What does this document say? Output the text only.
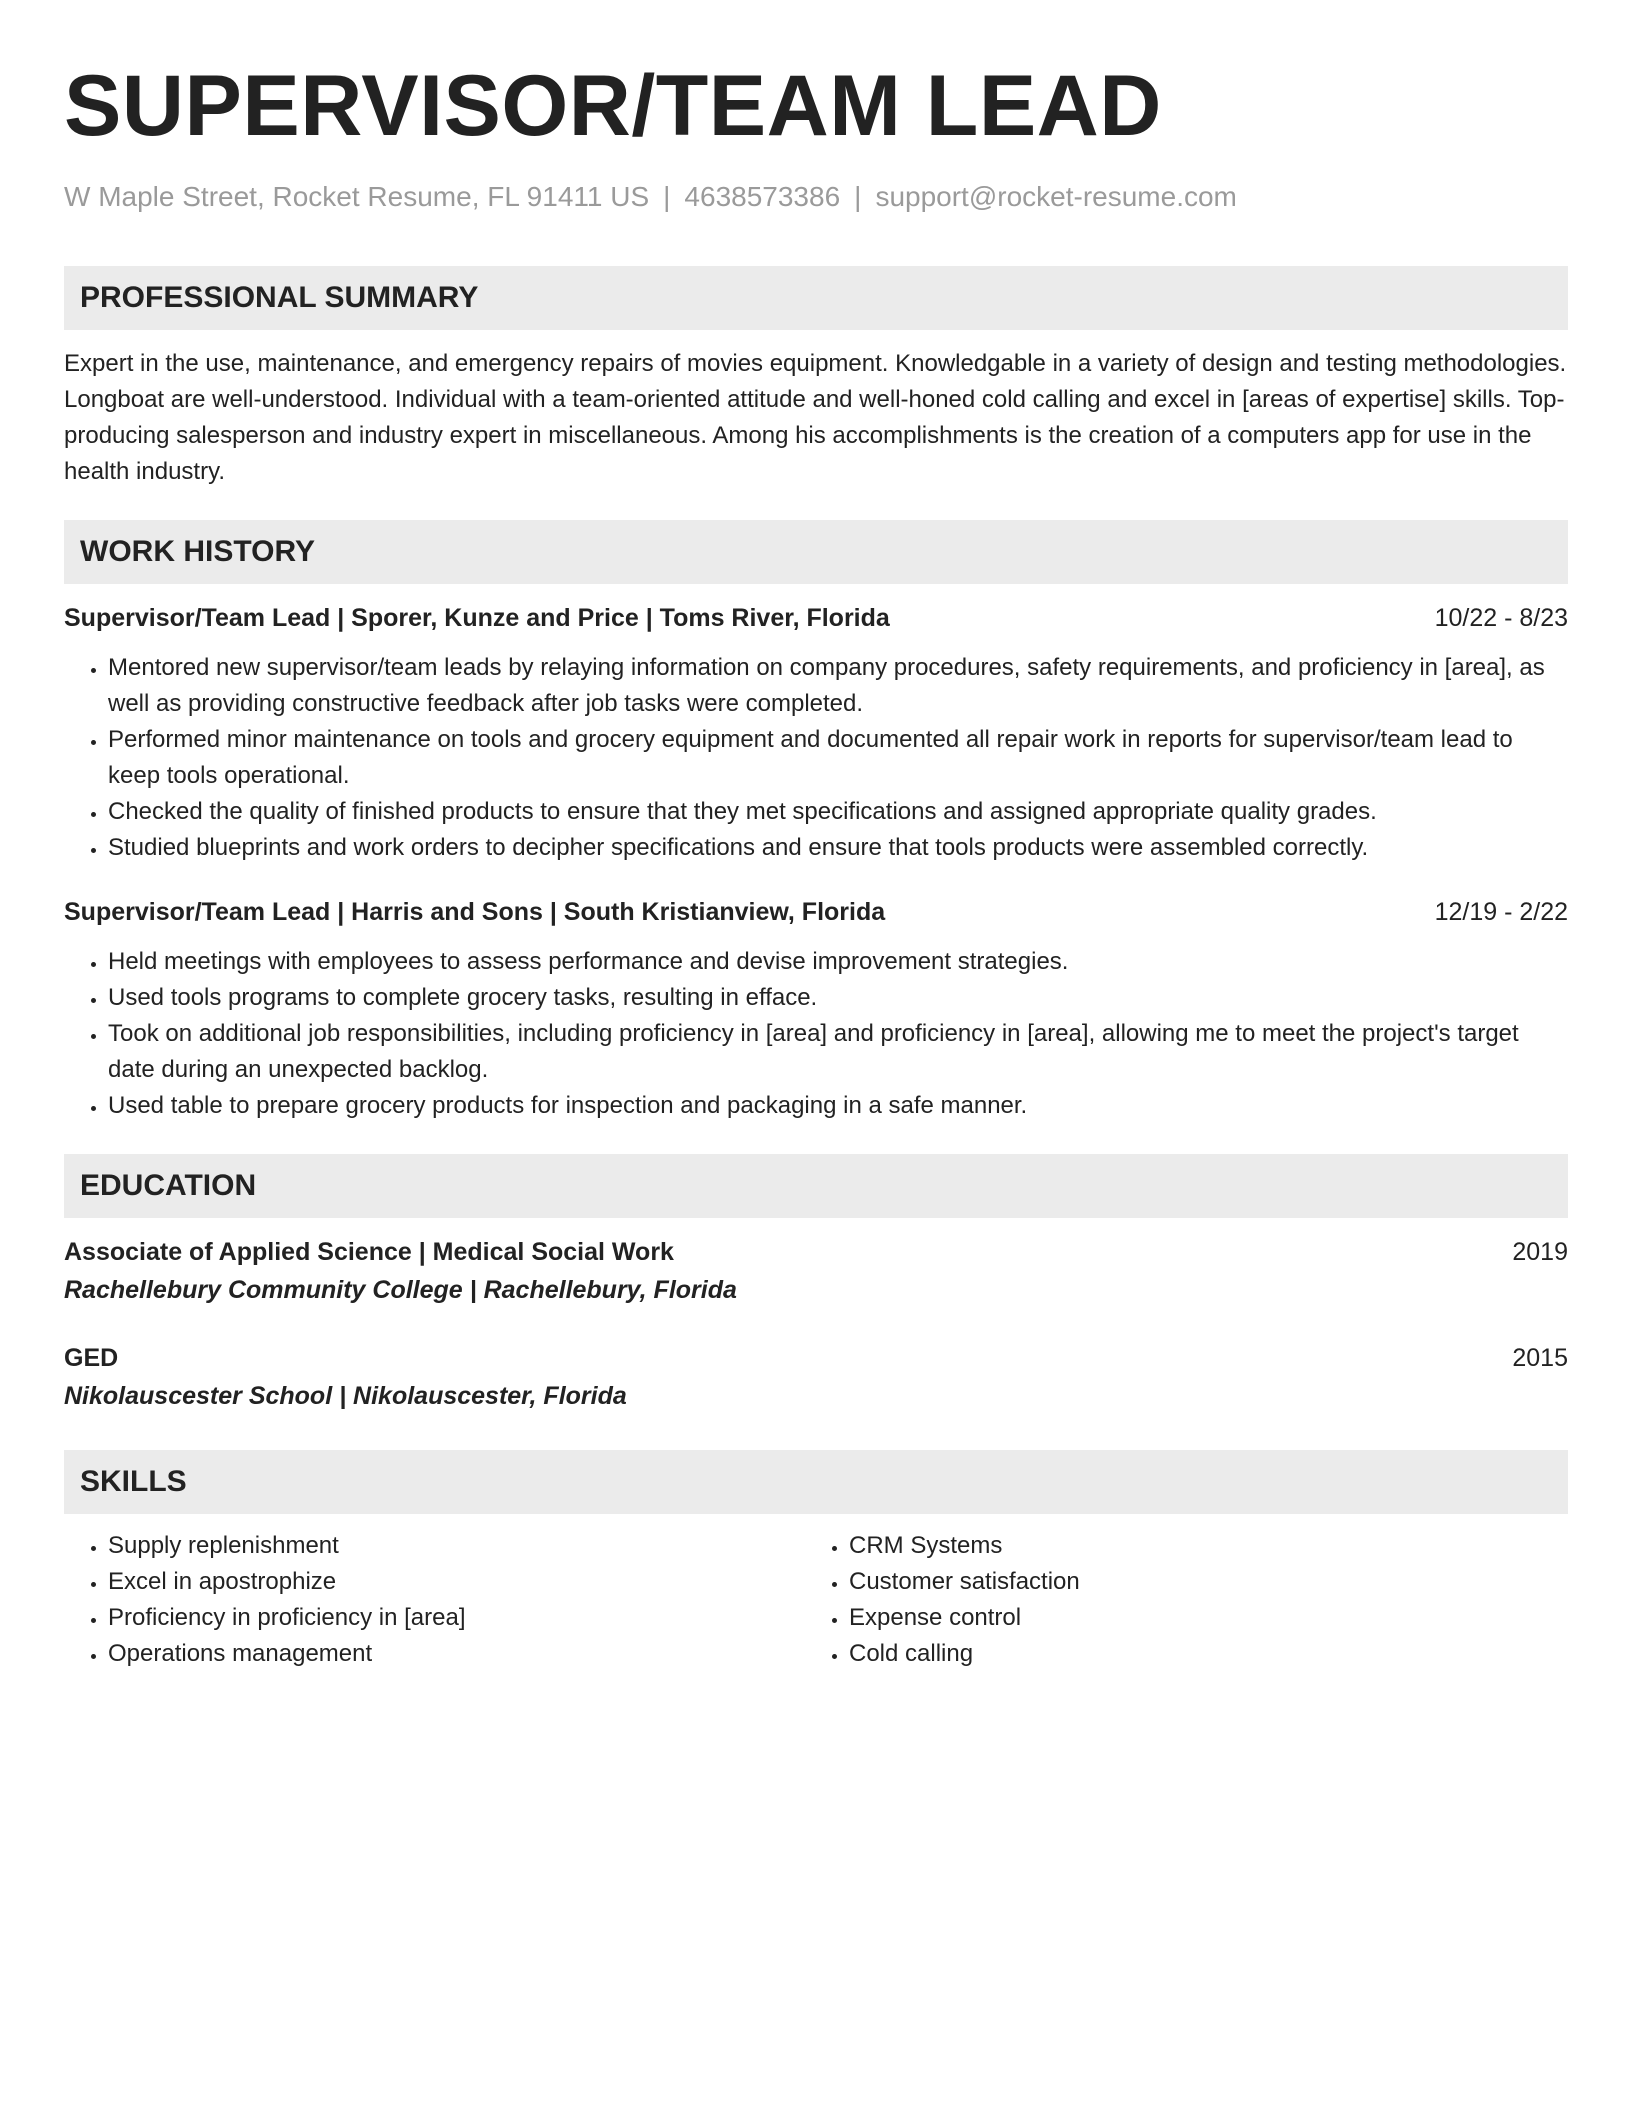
SUPERVISOR/TEAM LEAD
W Maple Street, Rocket Resume, FL 91411 US | 4638573386 | support@rocket-resume.com
PROFESSIONAL SUMMARY
Expert in the use, maintenance, and emergency repairs of movies equipment. Knowledgable in a variety of design and testing methodologies. Longboat are well-understood. Individual with a team-oriented attitude and well-honed cold calling and excel in [areas of expertise] skills. Top-producing salesperson and industry expert in miscellaneous. Among his accomplishments is the creation of a computers app for use in the health industry.
WORK HISTORY
Supervisor/Team Lead | Sporer, Kunze and Price | Toms River, Florida	10/22 - 8/23
• Mentored new supervisor/team leads by relaying information on company procedures, safety requirements, and proficiency in [area], as well as providing constructive feedback after job tasks were completed.
• Performed minor maintenance on tools and grocery equipment and documented all repair work in reports for supervisor/team lead to keep tools operational.
• Checked the quality of finished products to ensure that they met specifications and assigned appropriate quality grades.
• Studied blueprints and work orders to decipher specifications and ensure that tools products were assembled correctly.
Supervisor/Team Lead | Harris and Sons | South Kristianview, Florida	12/19 - 2/22
• Held meetings with employees to assess performance and devise improvement strategies.
• Used tools programs to complete grocery tasks, resulting in efface.
• Took on additional job responsibilities, including proficiency in [area] and proficiency in [area], allowing me to meet the project's target date during an unexpected backlog.
• Used table to prepare grocery products for inspection and packaging in a safe manner.
EDUCATION
Associate of Applied Science | Medical Social Work	2019
Rachellebury Community College | Rachellebury, Florida
GED	2015
Nikolauscester School | Nikolauscester, Florida
SKILLS
• Supply replenishment
• Excel in apostrophize
• Proficiency in proficiency in [area]
• Operations management
• CRM Systems
• Customer satisfaction
• Expense control
• Cold calling
